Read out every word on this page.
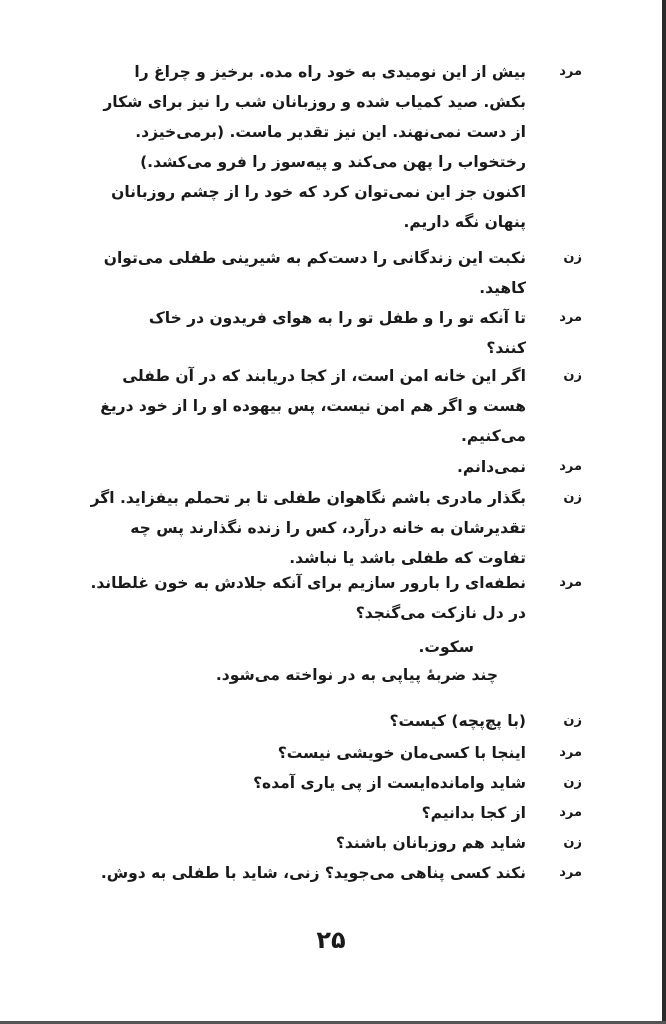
مرد
بیش از این نومیدی به خود راه مده. برخیز و چراغ را
بکش. صید کمیاب شده و روزبانان شب را نیز برای شکار
از دست نمی‌نهند. این نیز تقدیر ماست. (برمی‌خیزد.
رختخواب را پهن می‌کند و پیه‌سوز را فرو می‌کشد.)
اکنون جز این نمی‌توان کرد که خود را از چشم روزبانان
پنهان نگه داریم.
زن
نکبت این زندگانی را دست‌کم به شیرینی طفلی می‌توان
کاهید.
مرد
تا آنکه تو را و طفل تو را به هوای فریدون در خاک
کنند؟
زن
اگر این خانه امن است، از کجا دریابند که در آن طفلی
هست و اگر هم امن نیست، پس بیهوده او را از خود دریغ
می‌کنیم.
مرد
نمی‌دانم.
زن
بگذار مادری باشم نگاهوان طفلی تا بر تحملم بیفزاید. اگر
تقدیرشان به خانه درآرد، کس را زنده نگذارند پس چه
تفاوت که طفلی باشد یا نباشد.
مرد
نطفه‌ای را بارور سازیم برای آنکه جلادش به خون غلطاند.
در دل نازکت می‌گنجد؟
سکوت.
چند ضربهٔ پیاپی به در نواخته می‌شود.
زن
(با پچ‌پچه) کیست؟
مرد
اینجا با کسی‌مان خویشی نیست؟
زن
شاید وامانده‌ایست از پی یاری آمده؟
مرد
از کجا بدانیم؟
زن
شاید هم روزبانان باشند؟
مرد
نکند کسی پناهی می‌جوید؟ زنی، شاید با طفلی به دوش.
۲۵
